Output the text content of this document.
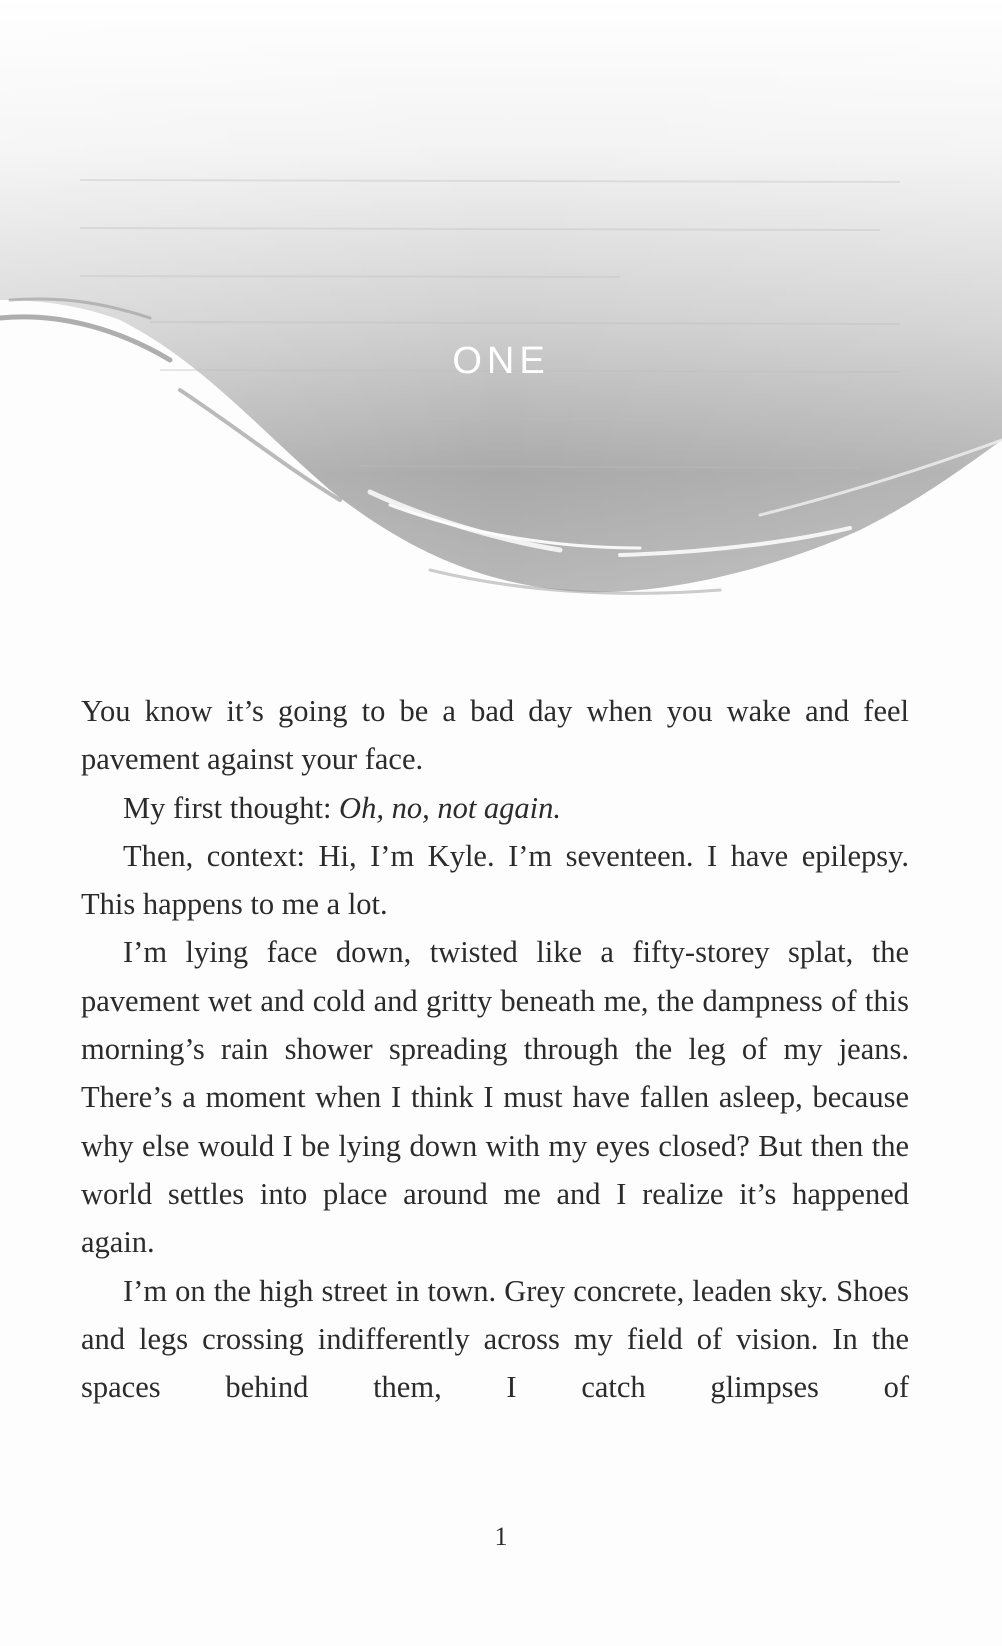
ONE

You know it’s going to be a bad day when you wake and feel pavement against your face.

My first thought: Oh, no, not again.

Then, context: Hi, I’m Kyle. I’m seventeen. I have epilepsy. This happens to me a lot.

I’m lying face down, twisted like a fifty-storey splat, the pavement wet and cold and gritty beneath me, the dampness of this morning’s rain shower spreading through the leg of my jeans. There’s a moment when I think I must have fallen asleep, because why else would I be lying down with my eyes closed? But then the world settles into place around me and I realize it’s happened again.

I’m on the high street in town. Grey concrete, leaden sky. Shoes and legs crossing indifferently across my field of vision. In the spaces behind them, I catch glimpses of

1
